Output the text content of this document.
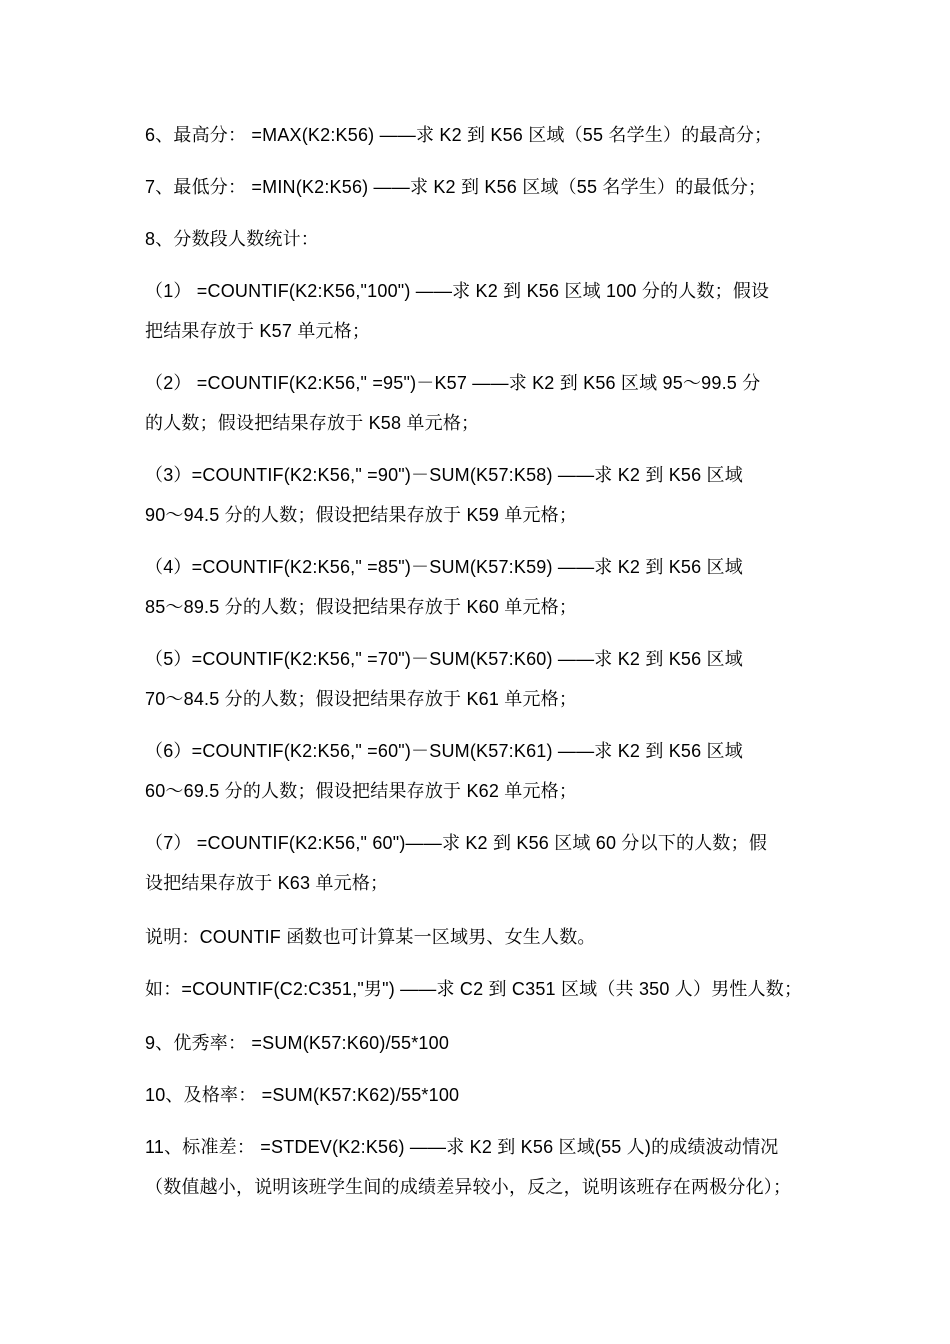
6、最高分： =MAX(K2:K56) ——求 K2 到 K56 区域（55 名学生）的最高分；
7、最低分： =MIN(K2:K56) ——求 K2 到 K56 区域（55 名学生）的最低分；
8、分数段人数统计：
（1） =COUNTIF(K2:K56,"100") ——求 K2 到 K56 区域 100 分的人数；假设
把结果存放于 K57 单元格；
（2） =COUNTIF(K2:K56," =95")－K57 ——求 K2 到 K56 区域 95～99.5 分
的人数；假设把结果存放于 K58 单元格；
（3）=COUNTIF(K2:K56," =90")－SUM(K57:K58) ——求 K2 到 K56 区域
90～94.5 分的人数；假设把结果存放于 K59 单元格；
（4）=COUNTIF(K2:K56," =85")－SUM(K57:K59) ——求 K2 到 K56 区域
85～89.5 分的人数；假设把结果存放于 K60 单元格；
（5）=COUNTIF(K2:K56," =70")－SUM(K57:K60) ——求 K2 到 K56 区域
70～84.5 分的人数；假设把结果存放于 K61 单元格；
（6）=COUNTIF(K2:K56," =60")－SUM(K57:K61) ——求 K2 到 K56 区域
60～69.5 分的人数；假设把结果存放于 K62 单元格；
（7） =COUNTIF(K2:K56," 60")——求 K2 到 K56 区域 60 分以下的人数；假
设把结果存放于 K63 单元格；
说明：COUNTIF 函数也可计算某一区域男、女生人数。
如：=COUNTIF(C2:C351,"男") ——求 C2 到 C351 区域（共 350 人）男性人数；
9、优秀率： =SUM(K57:K60)/55*100
10、及格率： =SUM(K57:K62)/55*100
11、标准差： =STDEV(K2:K56) ——求 K2 到 K56 区域(55 人)的成绩波动情况
（数值越小，说明该班学生间的成绩差异较小，反之，说明该班存在两极分化）；
